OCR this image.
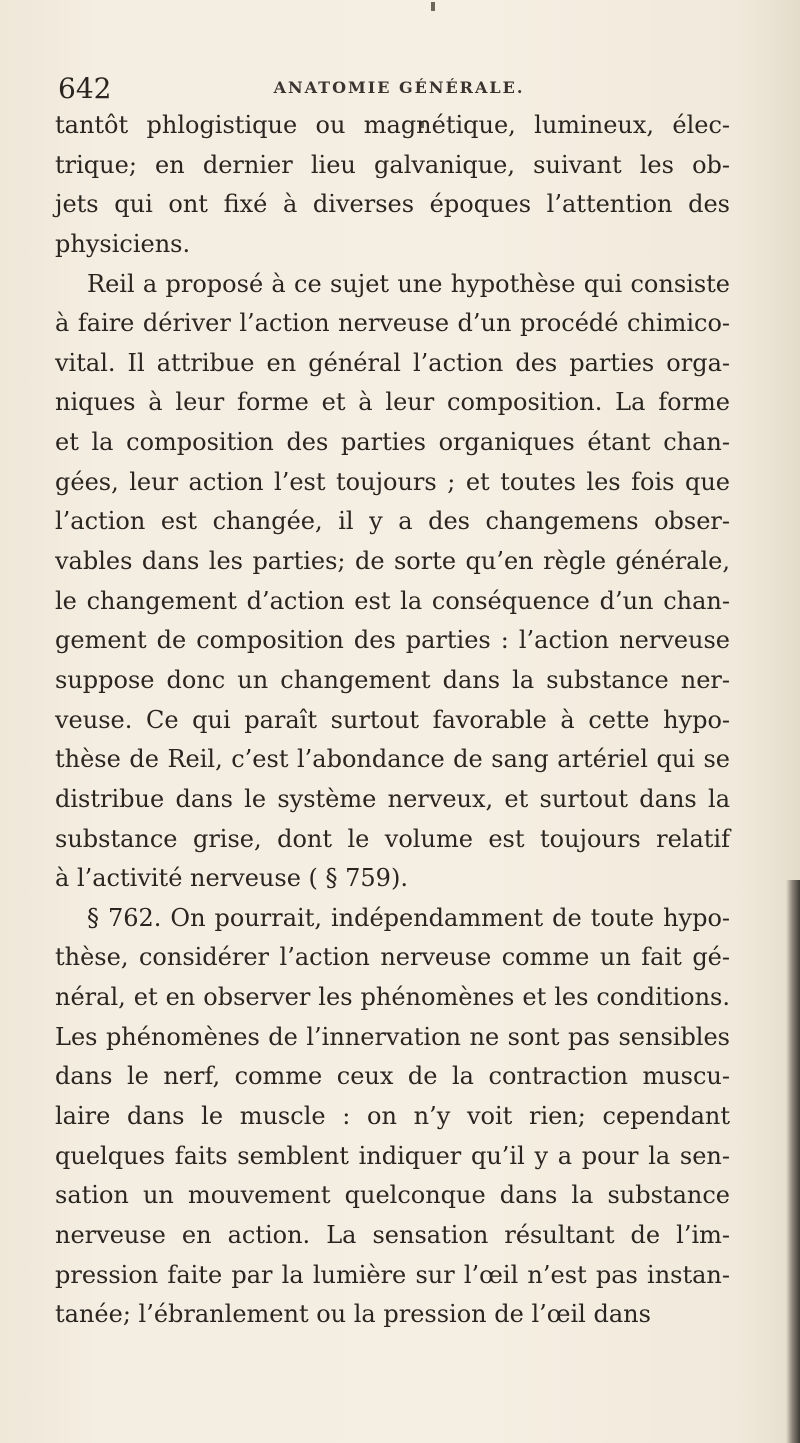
642	ANATOMIE GÉNÉRALE.
tantôt phlogistique ou magnétique, lumineux, élec-
trique; en dernier lieu galvanique, suivant les ob-
jets qui ont fixé à diverses époques l’attention des
physiciens.
Reil a proposé à ce sujet une hypothèse qui consiste
à faire dériver l’action nerveuse d’un procédé chimico-
vital. Il attribue en général l’action des parties orga-
niques à leur forme et à leur composition. La forme
et la composition des parties organiques étant chan-
gées, leur action l’est toujours ; et toutes les fois que
l’action est changée, il y a des changemens obser-
vables dans les parties; de sorte qu’en règle générale,
le changement d’action est la conséquence d’un chan-
gement de composition des parties : l’action nerveuse
suppose donc un changement dans la substance ner-
veuse. Ce qui paraît surtout favorable à cette hypo-
thèse de Reil, c’est l’abondance de sang artériel qui se
distribue dans le système nerveux, et surtout dans la
substance grise, dont le volume est toujours relatif
à l’activité nerveuse ( § 759).
§ 762. On pourrait, indépendamment de toute hypo-
thèse, considérer l’action nerveuse comme un fait gé-
néral, et en observer les phénomènes et les conditions.
Les phénomènes de l’innervation ne sont pas sensibles
dans le nerf, comme ceux de la contraction muscu-
laire dans le muscle : on n’y voit rien; cependant
quelques faits semblent indiquer qu’il y a pour la sen-
sation un mouvement quelconque dans la substance
nerveuse en action. La sensation résultant de l’im-
pression faite par la lumière sur l’œil n’est pas instan-
tanée; l’ébranlement ou la pression de l’œil dans
